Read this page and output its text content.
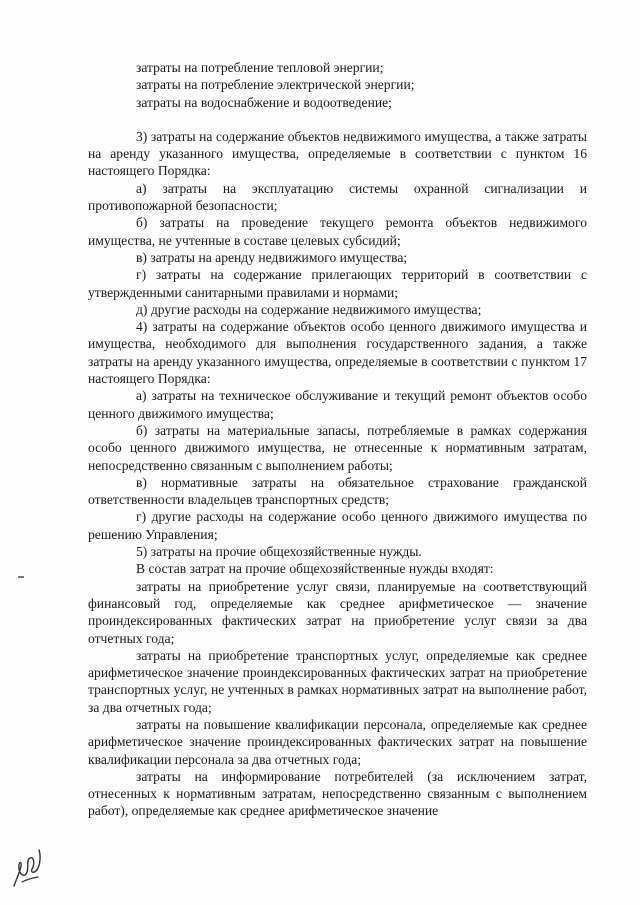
затраты на потребление тепловой энергии;

затраты на потребление электрической энергии;

затраты на водоснабжение и водоотведение;

3) затраты на содержание объектов недвижимого имущества, а также затраты на аренду указанного имущества, определяемые в соответствии с пунктом 16 настоящего Порядка:

а) затраты на эксплуатацию системы охранной сигнализации и противопожарной безопасности;

б) затраты на проведение текущего ремонта объектов недвижимого имущества, не учтенные в составе целевых субсидий;

в) затраты на аренду недвижимого имущества;

г) затраты на содержание прилегающих территорий в соответствии с утвержденными санитарными правилами и нормами;

д) другие расходы на содержание недвижимого имущества;

4) затраты на содержание объектов особо ценного движимого имущества и имущества, необходимого для выполнения государственного задания, а также затраты на аренду указанного имущества, определяемые в соответствии с пунктом 17 настоящего Порядка:

а) затраты на техническое обслуживание и текущий ремонт объектов особо ценного движимого имущества;

б) затраты на материальные запасы, потребляемые в рамках содержания особо ценного движимого имущества, не отнесенные к нормативным затратам, непосредственно связанным с выполнением работы;

в) нормативные затраты на обязательное страхование гражданской ответственности владельцев транспортных средств;

г) другие расходы на содержание особо ценного движимого имущества по решению Управления;

5) затраты на прочие общехозяйственные нужды.

В состав затрат на прочие общехозяйственные нужды входят:

затраты на приобретение услуг связи, планируемые на соответствующий финансовый год, определяемые как среднее арифметическое — значение проиндексированных фактических затрат на приобретение услуг связи за два отчетных года;

затраты на приобретение транспортных услуг, определяемые как среднее арифметическое значение проиндексированных фактических затрат на приобретение транспортных услуг, не учтенных в рамках нормативных затрат на выполнение работ, за два отчетных года;

затраты на повышение квалификации персонала, определяемые как среднее арифметическое значение проиндексированных фактических затрат на повышение квалификации персонала за два отчетных года;

затраты на информирование потребителей (за исключением затрат, отнесенных к нормативным затратам, непосредственно связанным с выполнением работ), определяемые как среднее арифметическое значение
